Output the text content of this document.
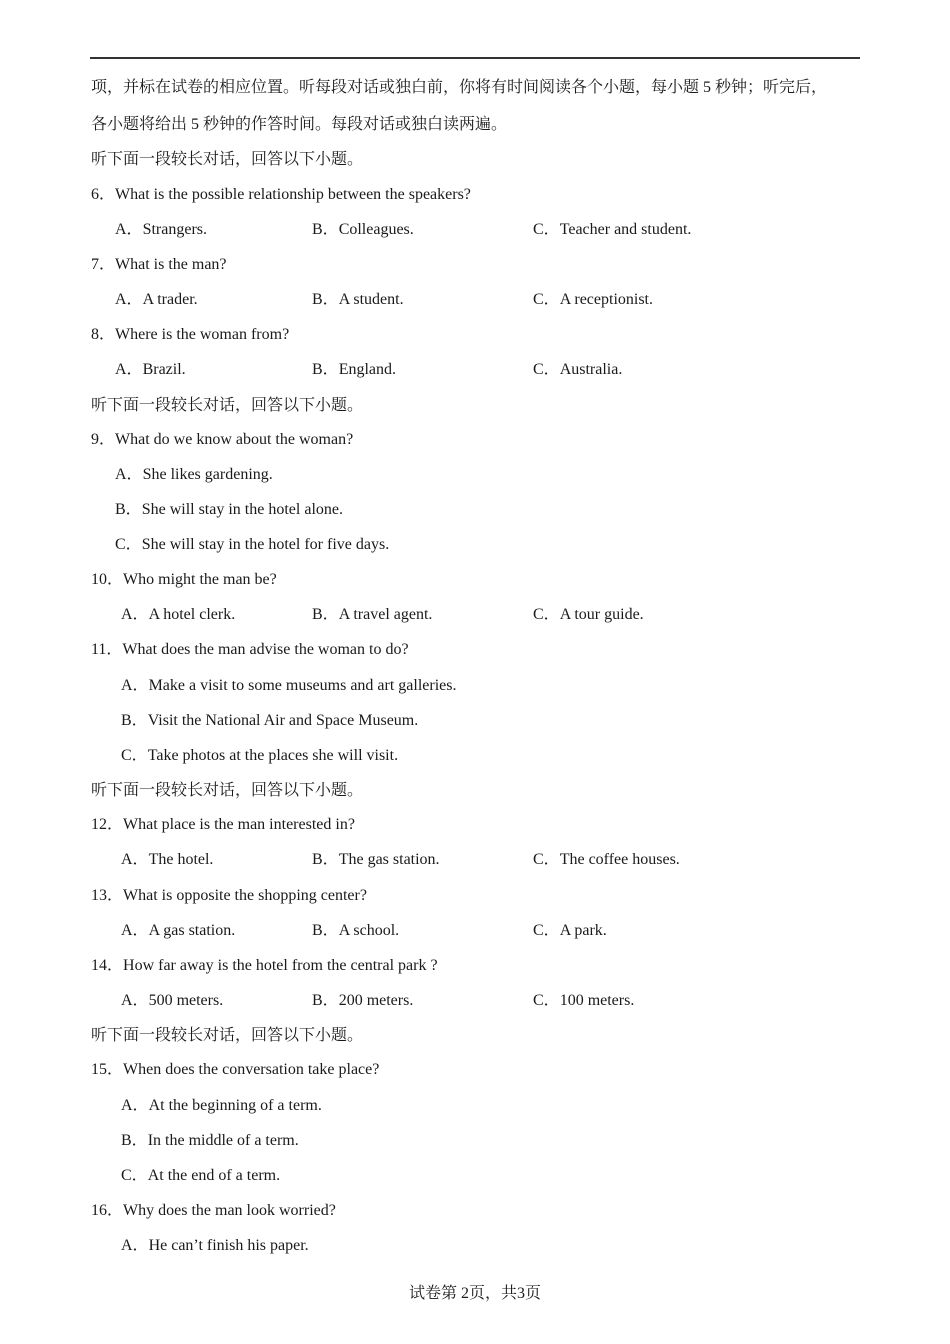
项，并标在试卷的相应位置。听每段对话或独白前，你将有时间阅读各个小题，每小题 5 秒钟；听完后，
各小题将给出 5 秒钟的作答时间。每段对话或独白读两遍。
听下面一段较长对话，回答以下小题。
6．What is the possible relationship between the speakers?
A．Strangers.	B．Colleagues.	C．Teacher and student.
7．What is the man?
A．A trader.	B．A student.	C．A receptionist.
8．Where is the woman from?
A．Brazil.	B．England.	C．Australia.
听下面一段较长对话，回答以下小题。
9．What do we know about the woman?
A．She likes gardening.
B．She will stay in the hotel alone.
C．She will stay in the hotel for five days.
10．Who might the man be?
A．A hotel clerk.	B．A travel agent.	C．A tour guide.
11．What does the man advise the woman to do?
A．Make a visit to some museums and art galleries.
B．Visit the National Air and Space Museum.
C．Take photos at the places she will visit.
听下面一段较长对话，回答以下小题。
12．What place is the man interested in?
A．The hotel.	B．The gas station.	C．The coffee houses.
13．What is opposite the shopping center?
A．A gas station.	B．A school.	C．A park.
14．How far away is the hotel from the central park ?
A．500 meters.	B．200 meters.	C．100 meters.
听下面一段较长对话，回答以下小题。
15．When does the conversation take place?
A．At the beginning of a term.
B．In the middle of a term.
C．At the end of a term.
16．Why does the man look worried?
A．He can’t finish his paper.
试卷第 2页，共3页
